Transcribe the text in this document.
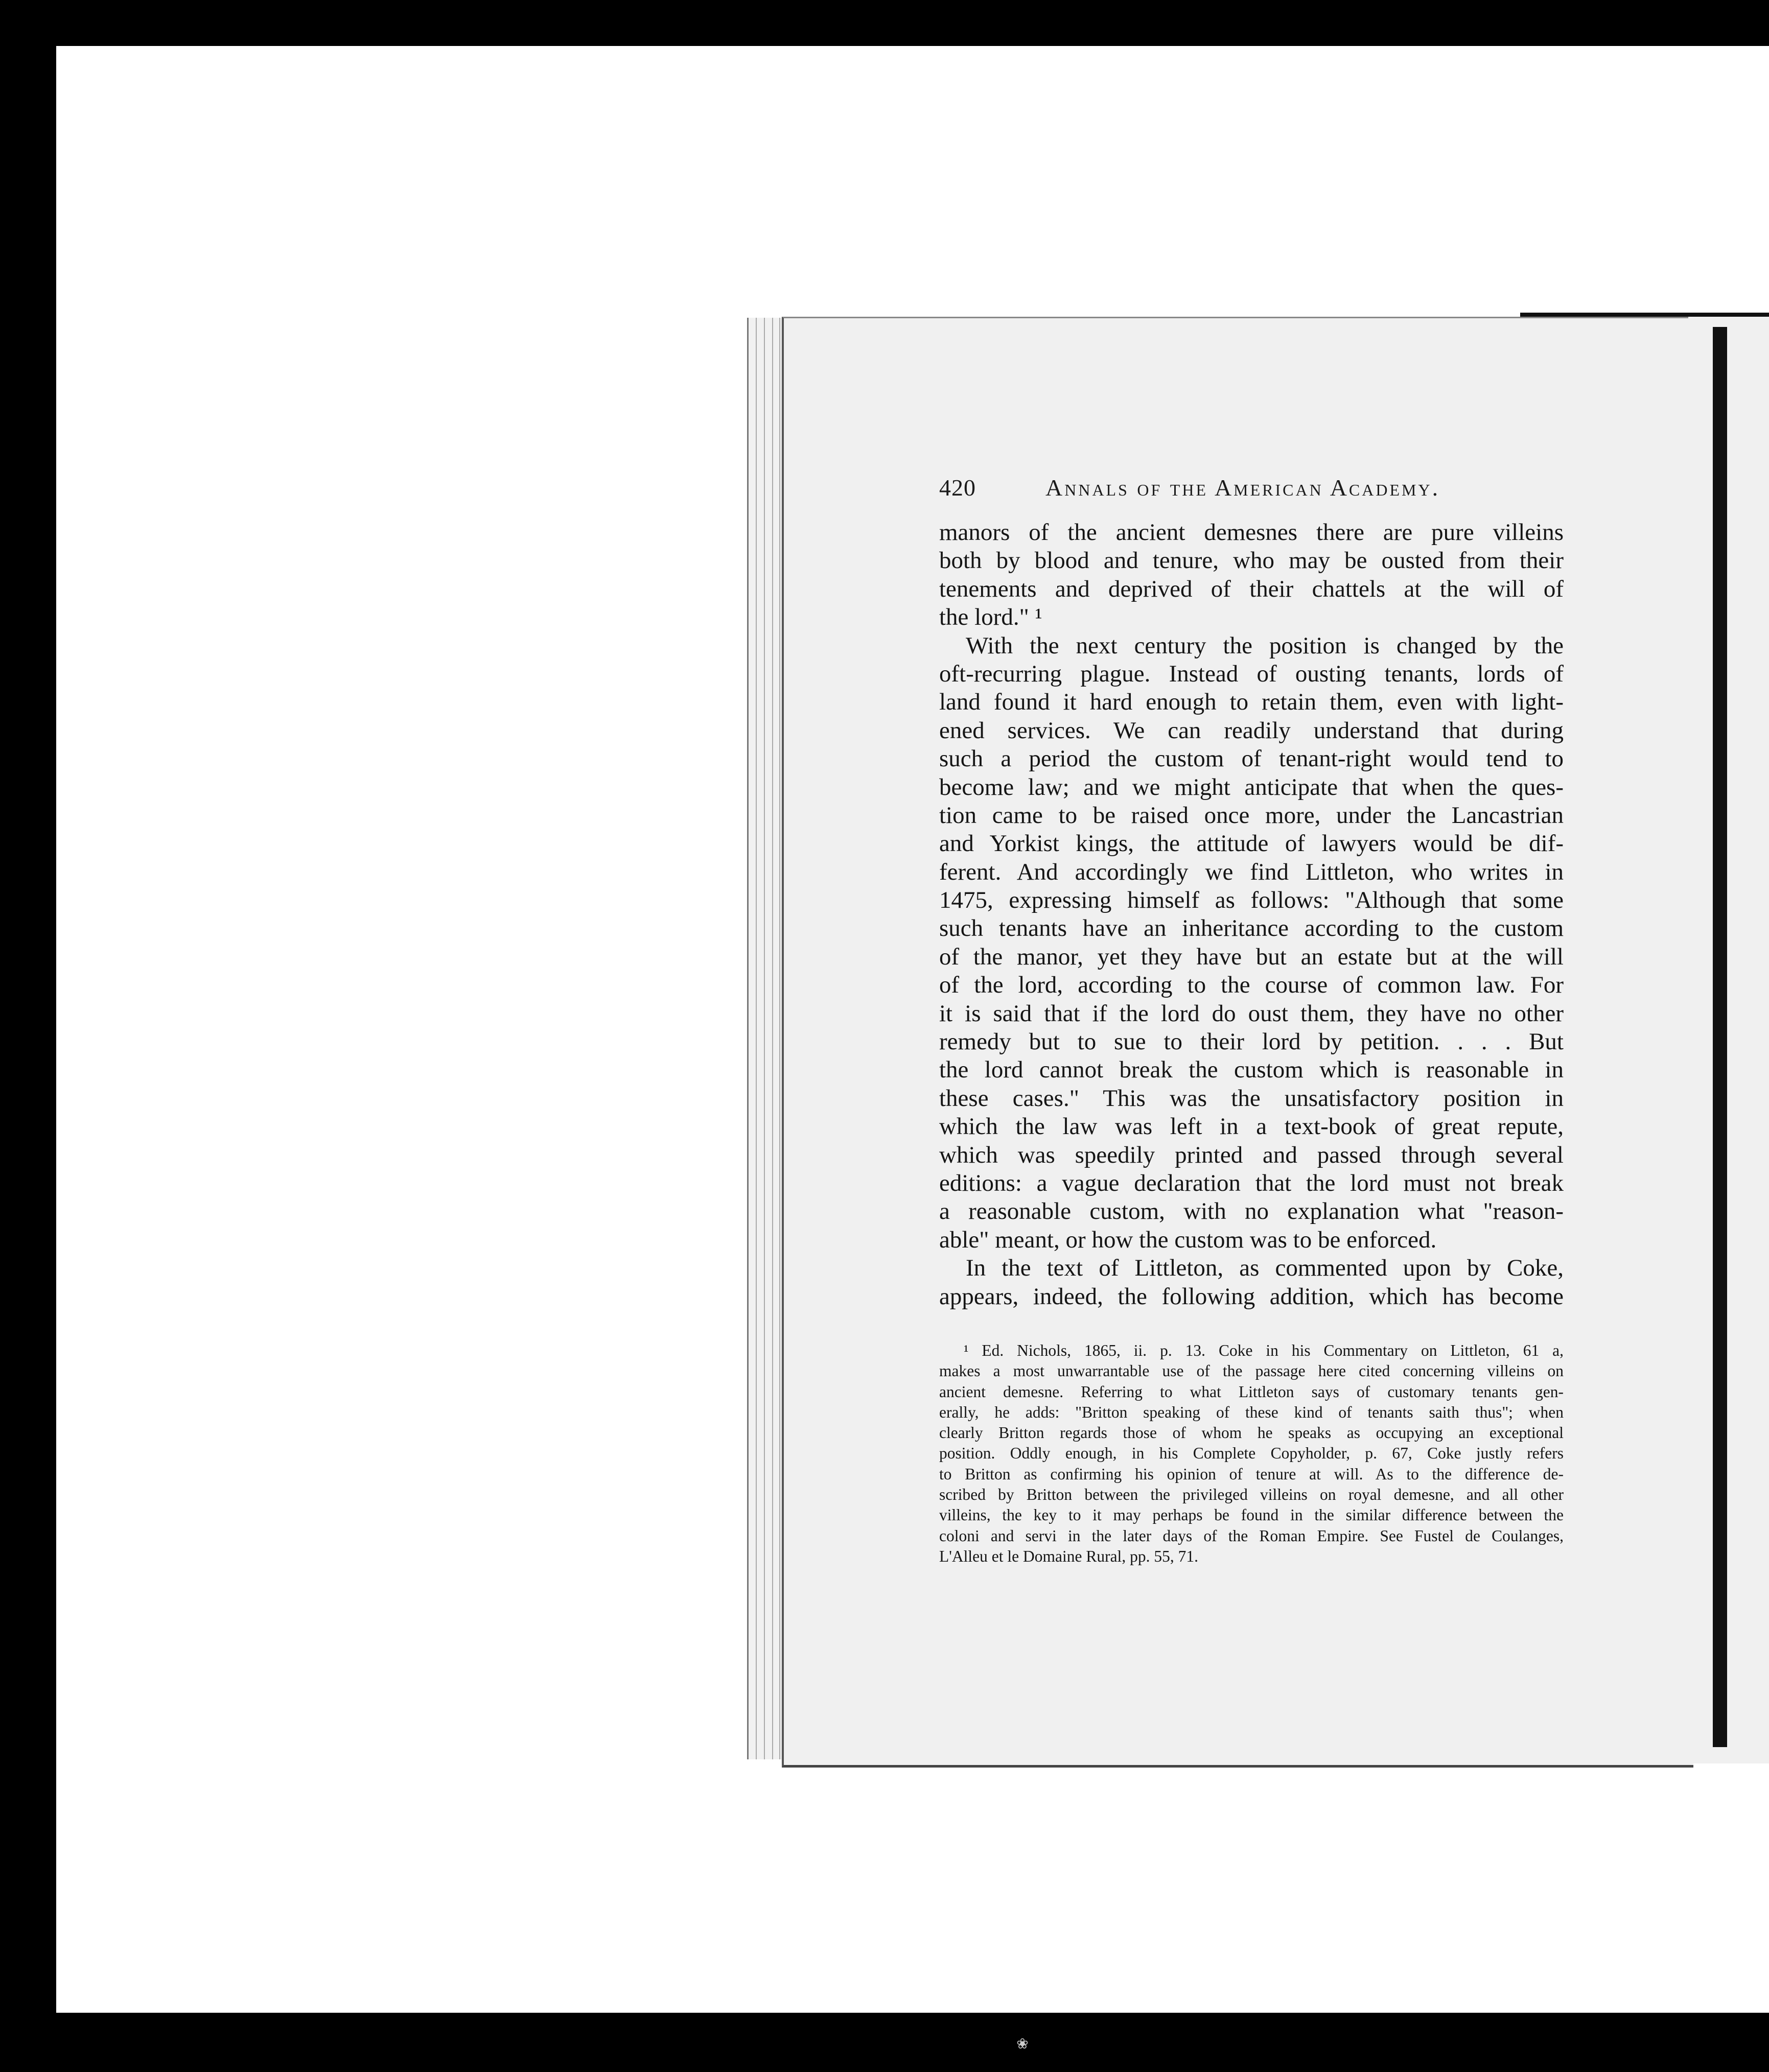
420	Annals of the American Academy.
manors of the ancient demesnes there are pure villeins
both by blood and tenure, who may be ousted from their
tenements and deprived of their chattels at the will of
the lord." ¹
With the next century the position is changed by the
oft-recurring plague. Instead of ousting tenants, lords of
land found it hard enough to retain them, even with light-
ened services. We can readily understand that during
such a period the custom of tenant-right would tend to
become law; and we might anticipate that when the ques-
tion came to be raised once more, under the Lancastrian
and Yorkist kings, the attitude of lawyers would be dif-
ferent. And accordingly we find Littleton, who writes in
1475, expressing himself as follows: "Although that some
such tenants have an inheritance according to the custom
of the manor, yet they have but an estate but at the will
of the lord, according to the course of common law. For
it is said that if the lord do oust them, they have no other
remedy but to sue to their lord by petition. . . . But
the lord cannot break the custom which is reasonable in
these cases." This was the unsatisfactory position in
which the law was left in a text-book of great repute,
which was speedily printed and passed through several
editions: a vague declaration that the lord must not break
a reasonable custom, with no explanation what "reason-
able" meant, or how the custom was to be enforced.
In the text of Littleton, as commented upon by Coke,
appears, indeed, the following addition, which has become
¹ Ed. Nichols, 1865, ii. p. 13. Coke in his Commentary on Littleton, 61 a,
makes a most unwarrantable use of the passage here cited concerning villeins on
ancient demesne. Referring to what Littleton says of customary tenants gen-
erally, he adds: "Britton speaking of these kind of tenants saith thus"; when
clearly Britton regards those of whom he speaks as occupying an exceptional
position. Oddly enough, in his Complete Copyholder, p. 67, Coke justly refers
to Britton as confirming his opinion of tenure at will. As to the difference de-
scribed by Britton between the privileged villeins on royal demesne, and all other
villeins, the key to it may perhaps be found in the similar difference between the
coloni and servi in the later days of the Roman Empire. See Fustel de Coulanges,
L'Alleu et le Domaine Rural, pp. 55, 71.
❀
